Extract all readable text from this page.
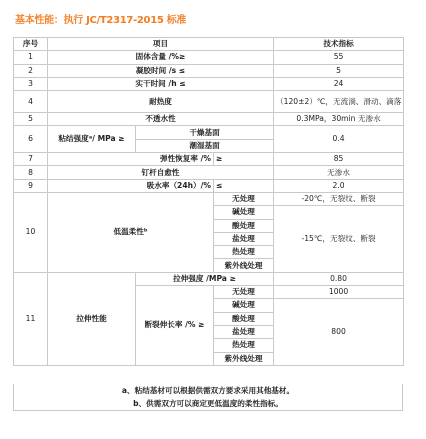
基本性能：执行 JC/T2317-2015 标准
序号	项目			技术指标
1	固体含量 /%≥			55
2	凝胶时间 /s ≤			5
3	实干时间 /h ≤			24
4	耐热度			（120±2）℃，无流淌、滑动、滴落
5	不透水性			0.3MPa，30min 无渗水
6	粘结强度ᵃ/ MPa ≥	干燥基面		0.4
		潮湿基面		
7	弹性恢复率 /%		≥	85
8	钉杆自愈性			无渗水
9	吸水率（24h）/%		≤	2.0
10	低温柔性ᵇ		无处理	-20℃，无裂纹、断裂
			碱处理	-15℃，无裂纹、断裂
			酸处理	
			盐处理	
			热处理	
			紫外线处理	
11	拉伸性能	拉伸强度 /MPa ≥		0.80
		断裂伸长率 /% ≥	无处理	1000
			碱处理	800
			酸处理	
			盐处理	
			热处理	
			紫外线处理	
a、粘结基材可以根据供需双方要求采用其他基材。
b、供需双方可以商定更低温度的柔性指标。
